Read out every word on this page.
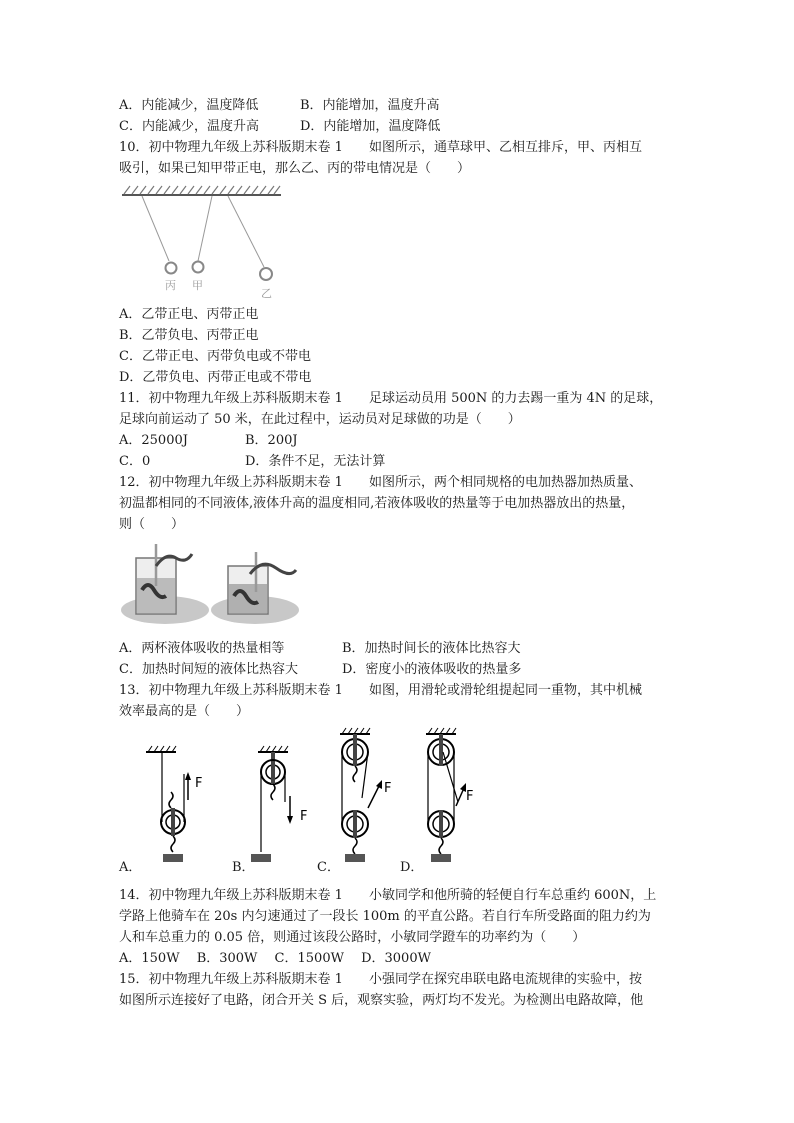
A．内能减少，温度降低	B．内能增加，温度升高
C．内能减少，温度升高	D．内能增加，温度降低
10．初中物理九年级上苏科版期末卷 1　　如图所示，通草球甲、乙相互排斥，甲、丙相互
吸引，如果已知甲带正电，那么乙、丙的带电情况是（　　）
丙 甲
乙
A．乙带正电、丙带正电
B．乙带负电、丙带正电
C．乙带正电、丙带负电或不带电
D．乙带负电、丙带正电或不带电
11．初中物理九年级上苏科版期末卷 1　　足球运动员用 500N 的力去踢一重为 4N 的足球，
足球向前运动了 50 米，在此过程中，运动员对足球做的功是（　　）
A．25000J	B．200J
C．0	D．条件不足，无法计算
12．初中物理九年级上苏科版期末卷 1　　如图所示，两个相同规格的电加热器加热质量、
初温都相同的不同液体,液体升高的温度相同,若液体吸收的热量等于电加热器放出的热量，
则（　　）
A．两杯液体吸收的热量相等	B．加热时间长的液体比热容大
C．加热时间短的液体比热容大	D．密度小的液体吸收的热量多
13．初中物理九年级上苏科版期末卷 1　　如图，用滑轮或滑轮组提起同一重物，其中机械
效率最高的是（　　）
F
F
F
F
A．	B．	C．	D．
14．初中物理九年级上苏科版期末卷 1　　小敏同学和他所骑的轻便自行车总重约 600N，上
学路上他骑车在 20s 内匀速通过了一段长 100m 的平直公路。若自行车所受路面的阻力约为
人和车总重力的 0.05 倍，则通过该段公路时，小敏同学蹬车的功率约为（　　）
A．150W　 B．300W　 C．1500W　 D．3000W
15．初中物理九年级上苏科版期末卷 1　　小强同学在探究串联电路电流规律的实验中，按
如图所示连接好了电路，闭合开关 S 后，观察实验，两灯均不发光。为检测出电路故障，他
